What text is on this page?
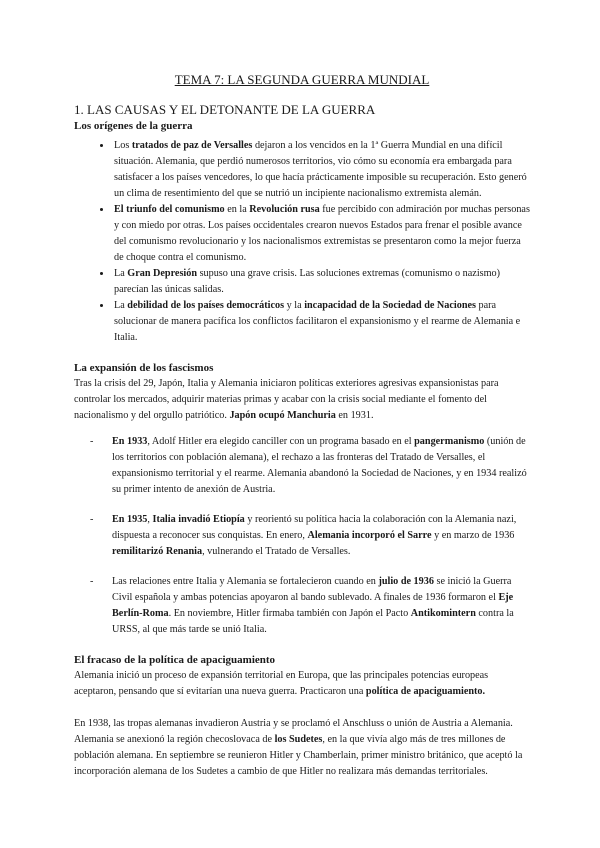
TEMA 7: LA SEGUNDA GUERRA MUNDIAL
1. LAS CAUSAS Y EL DETONANTE DE LA GUERRA
Los orígenes de la guerra
• Los tratados de paz de Versalles dejaron a los vencidos en la 1ª Guerra Mundial en una difícil situación. Alemania, que perdió numerosos territorios, vio cómo su economía era embargada para satisfacer a los países vencedores, lo que hacía prácticamente imposible su recuperación. Esto generó un clima de resentimiento del que se nutrió un incipiente nacionalismo extremista alemán.
• El triunfo del comunismo en la Revolución rusa fue percibido con admiración por muchas personas y con miedo por otras. Los países occidentales crearon nuevos Estados para frenar el posible avance del comunismo revolucionario y los nacionalismos extremistas se presentaron como la mejor fuerza de choque contra el comunismo.
• La Gran Depresión supuso una grave crisis. Las soluciones extremas (comunismo o nazismo) parecían las únicas salidas.
• La debilidad de los países democráticos y la incapacidad de la Sociedad de Naciones para solucionar de manera pacífica los conflictos facilitaron el expansionismo y el rearme de Alemania e Italia.
La expansión de los fascismos

Tras la crisis del 29, Japón, Italia y Alemania iniciaron políticas exteriores agresivas expansionistas para controlar los mercados, adquirir materias primas y acabar con la crisis social mediante el fomento del nacionalismo y del orgullo patriótico. Japón ocupó Manchuria en 1931.

- En 1933, Adolf Hitler era elegido canciller con un programa basado en el pangermanismo (unión de los territorios con población alemana), el rechazo a las fronteras del Tratado de Versalles, el expansionismo territorial y el rearme. Alemania abandonó la Sociedad de Naciones, y en 1934 realizó su primer intento de anexión de Austria.
- En 1935, Italia invadió Etiopía y reorientó su política hacia la colaboración con la Alemania nazi, dispuesta a reconocer sus conquistas. En enero, Alemania incorporó el Sarre y en marzo de 1936 remilitarizó Renania, vulnerando el Tratado de Versalles.
- Las relaciones entre Italia y Alemania se fortalecieron cuando en julio de 1936 se inició la Guerra Civil española y ambas potencias apoyaron al bando sublevado. A finales de 1936 formaron el Eje Berlín-Roma. En noviembre, Hitler firmaba también con Japón el Pacto Antikomintern contra la URSS, al que más tarde se unió Italia.
El fracaso de la política de apaciguamiento

Alemania inició un proceso de expansión territorial en Europa, que las principales potencias europeas aceptaron, pensando que sí evitarían una nueva guerra. Practicaron una política de apaciguamiento.

En 1938, las tropas alemanas invadieron Austria y se proclamó el Anschluss o unión de Austria a Alemania. Alemania se anexionó la región checoslovaca de los Sudetes, en la que vivía algo más de tres millones de población alemana. En septiembre se reunieron Hitler y Chamberlain, primer ministro británico, que aceptó la incorporación alemana de los Sudetes a cambio de que Hitler no realizara más demandas territoriales.
